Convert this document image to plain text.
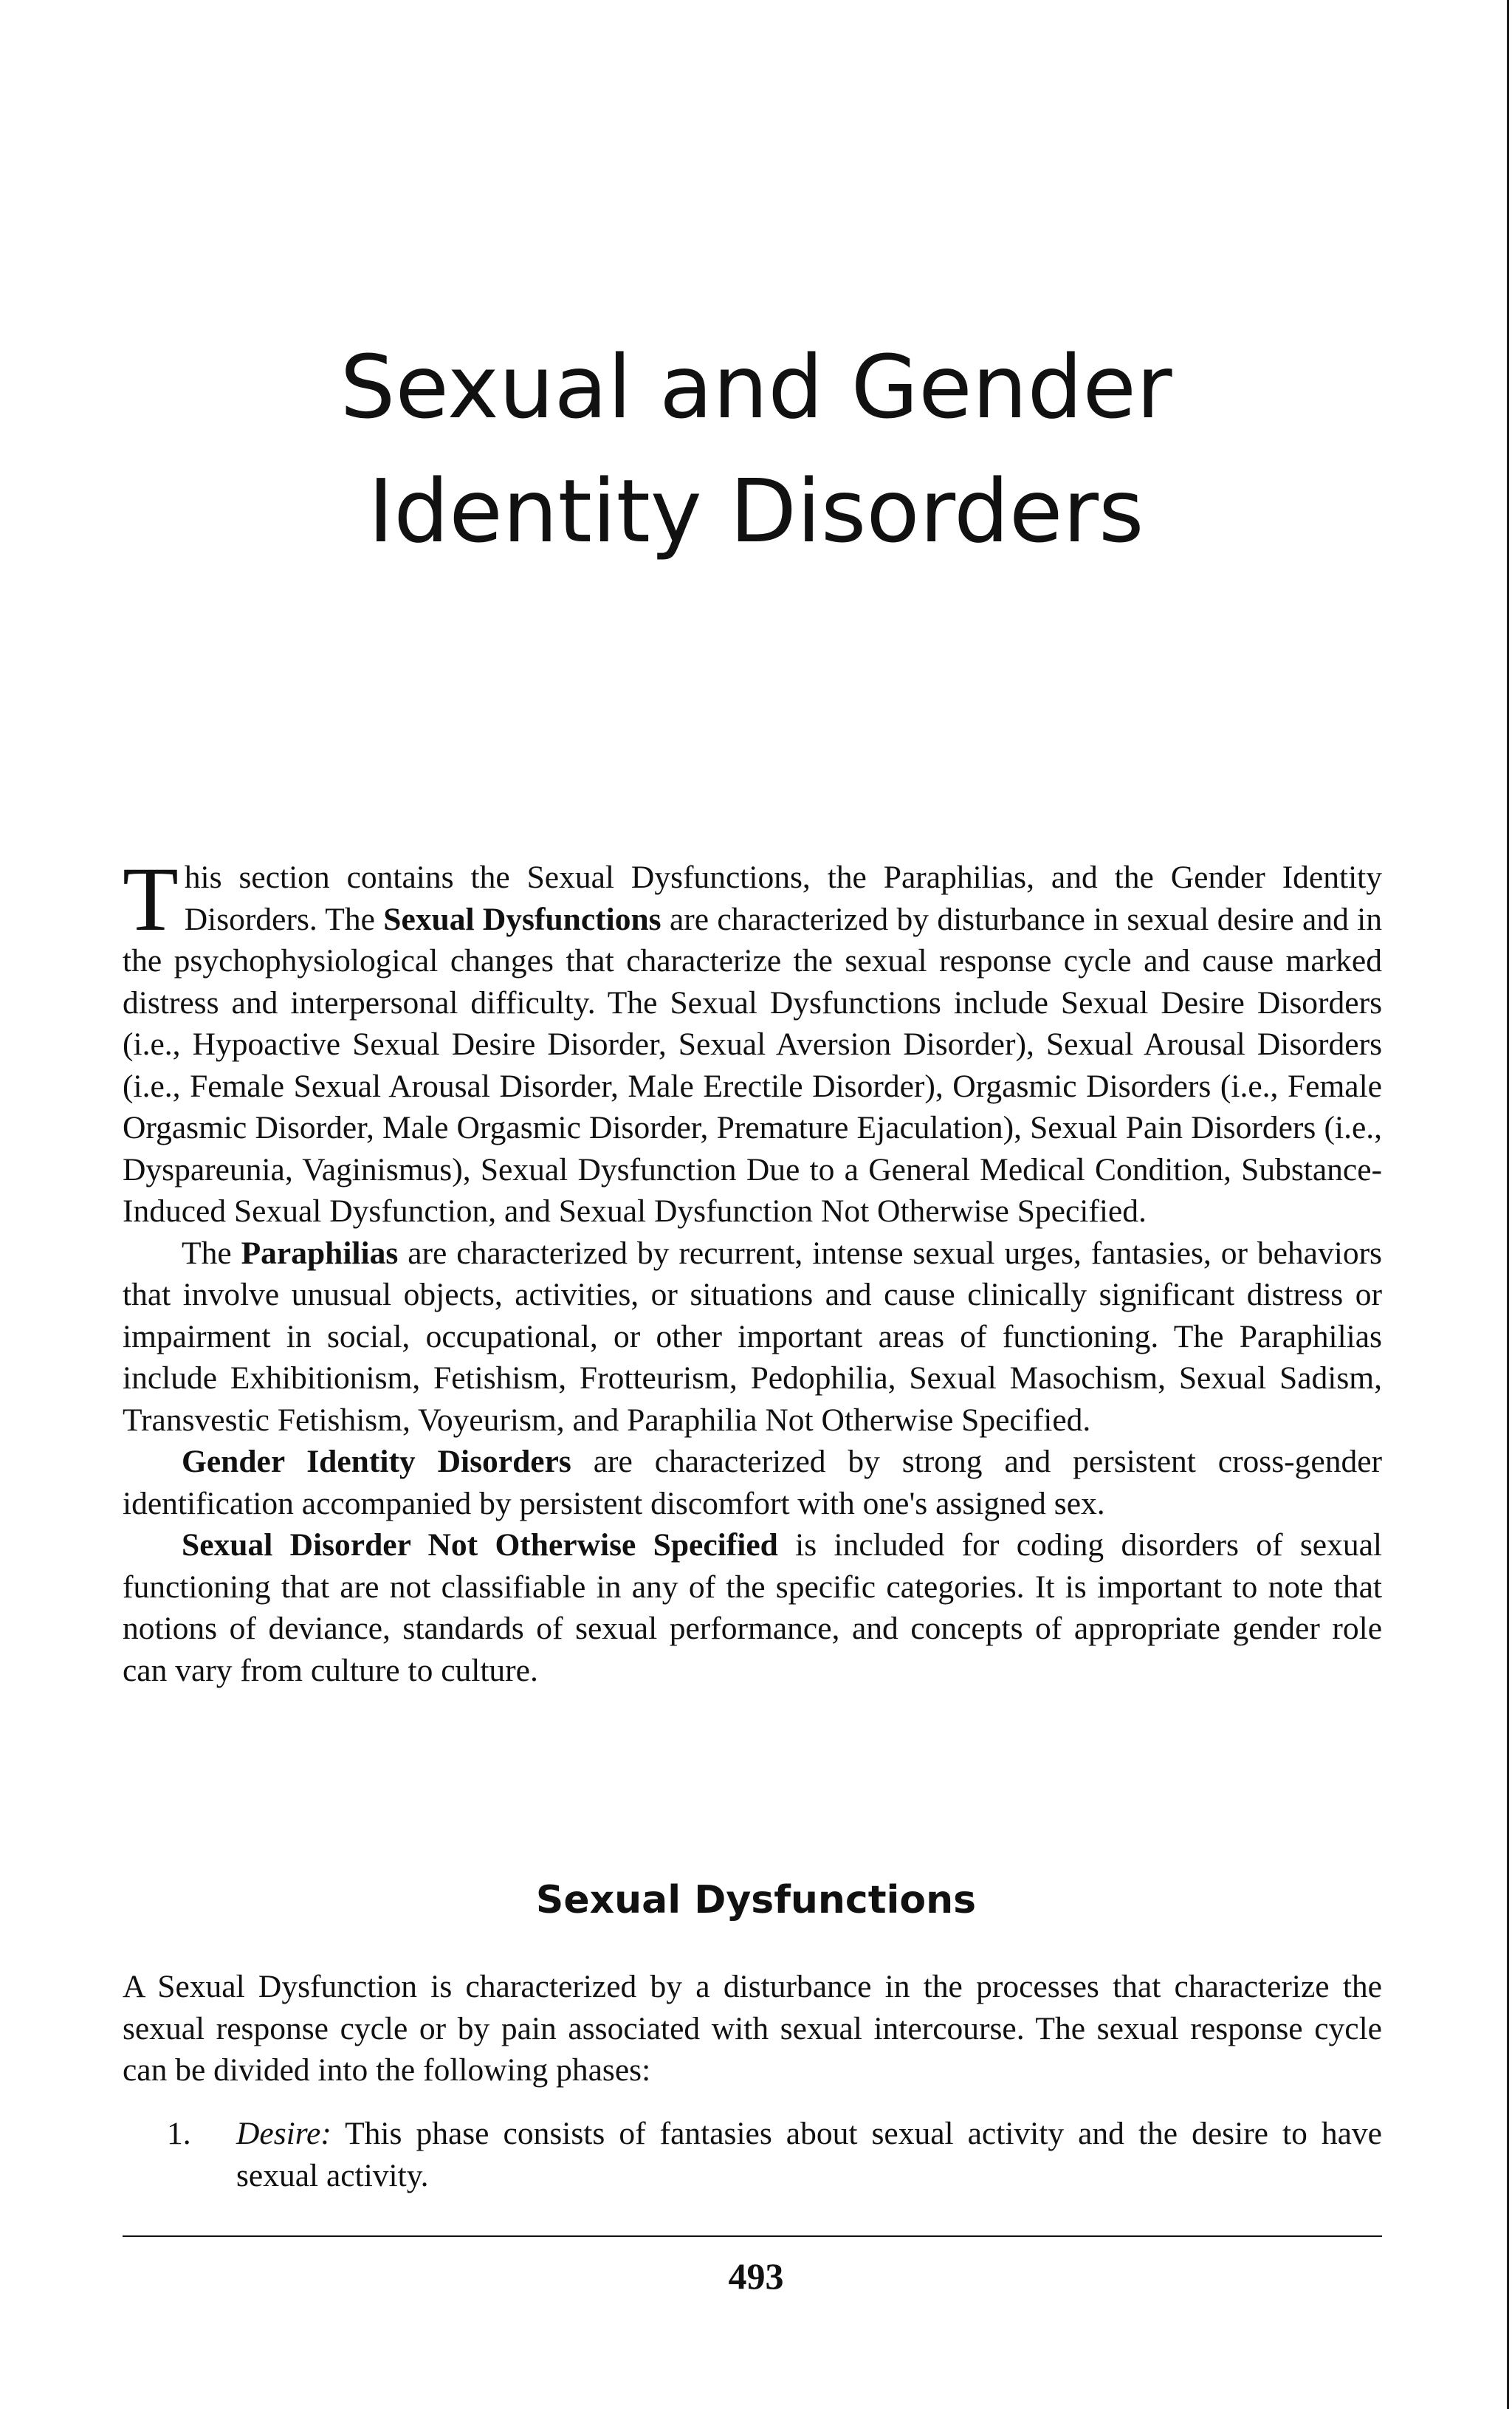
Sexual and Gender
Identity Disorders

This section contains the Sexual Dysfunctions, the Paraphilias, and the Gender Identity Disorders. The Sexual Dysfunctions are characterized by disturbance in sexual desire and in the psychophysiological changes that characterize the sexual response cycle and cause marked distress and interpersonal difficulty. The Sexual Dysfunctions include Sexual Desire Disorders (i.e., Hypoactive Sexual Desire Disorder, Sexual Aversion Disorder), Sexual Arousal Disorders (i.e., Female Sexual Arousal Disorder, Male Erectile Disorder), Orgasmic Disorders (i.e., Female Orgasmic Disorder, Male Orgasmic Disorder, Premature Ejaculation), Sexual Pain Disorders (i.e., Dyspareunia, Vaginismus), Sexual Dysfunction Due to a General Medical Condition, Substance-Induced Sexual Dysfunction, and Sexual Dysfunction Not Otherwise Specified.

The Paraphilias are characterized by recurrent, intense sexual urges, fantasies, or behaviors that involve unusual objects, activities, or situations and cause clinically significant distress or impairment in social, occupational, or other important areas of functioning. The Paraphilias include Exhibitionism, Fetishism, Frotteurism, Pedophilia, Sexual Masochism, Sexual Sadism, Transvestic Fetishism, Voyeurism, and Paraphilia Not Otherwise Specified.

Gender Identity Disorders are characterized by strong and persistent cross-gender identification accompanied by persistent discomfort with one's assigned sex.

Sexual Disorder Not Otherwise Specified is included for coding disorders of sexual functioning that are not classifiable in any of the specific categories. It is important to note that notions of deviance, standards of sexual performance, and concepts of appropriate gender role can vary from culture to culture.

Sexual Dysfunctions

A Sexual Dysfunction is characterized by a disturbance in the processes that characterize the sexual response cycle or by pain associated with sexual intercourse. The sexual response cycle can be divided into the following phases:

1. Desire: This phase consists of fantasies about sexual activity and the desire to have sexual activity.
493
